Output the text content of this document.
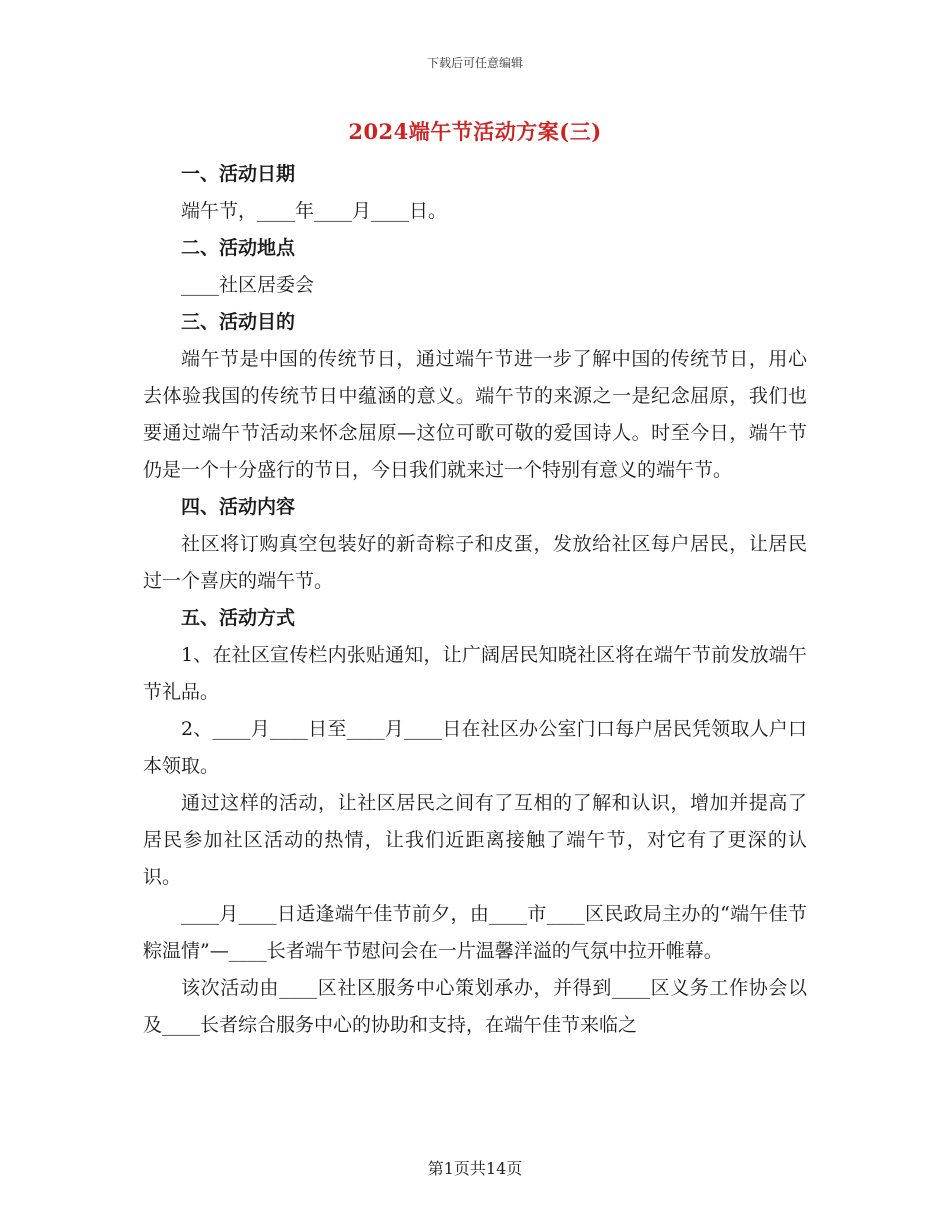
下载后可任意编辑
2024端午节活动方案(三)

一、活动日期

端午节，____年____月____日。

二、活动地点

____社区居委会

三、活动目的

端午节是中国的传统节日，通过端午节进一步了解中国的传统节日，用心去体验我国的传统节日中蕴涵的意义。端午节的来源之一是纪念屈原，我们也要通过端午节活动来怀念屈原—这位可歌可敬的爱国诗人。时至今日，端午节仍是一个十分盛行的节日，今日我们就来过一个特别有意义的端午节。

四、活动内容

社区将订购真空包装好的新奇粽子和皮蛋，发放给社区每户居民，让居民过一个喜庆的端午节。

五、活动方式

1、在社区宣传栏内张贴通知，让广阔居民知晓社区将在端午节前发放端午节礼品。

2、____月____日至____月____日在社区办公室门口每户居民凭领取人户口本领取。

通过这样的活动，让社区居民之间有了互相的了解和认识，增加并提高了居民参加社区活动的热情，让我们近距离接触了端午节，对它有了更深的认识。

____月____日适逢端午佳节前夕，由____市____区民政局主办的“端午佳节粽温情”—____长者端午节慰问会在一片温馨洋溢的气氛中拉开帷幕。

该次活动由____区社区服务中心策划承办，并得到____区义务工作协会以及____长者综合服务中心的协助和支持，在端午佳节来临之

第1页共14页
